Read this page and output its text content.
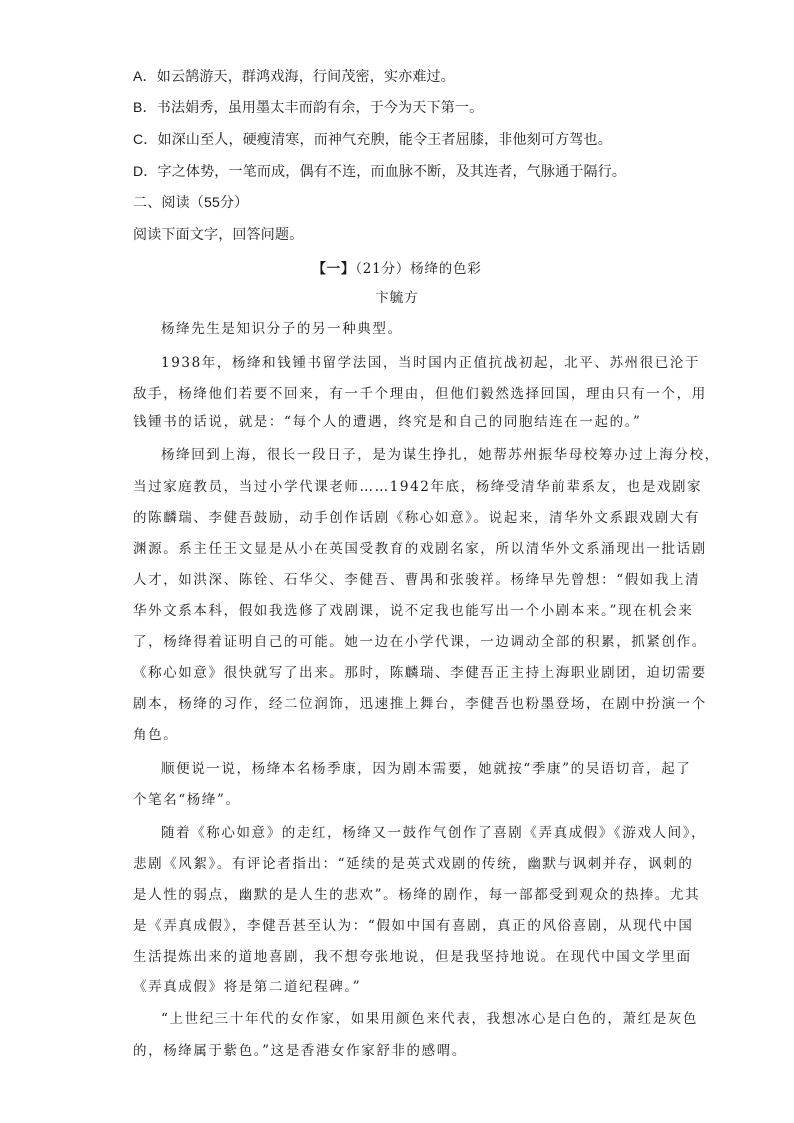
A．如云鹄游天，群鸿戏海，行间茂密，实亦难过。
B．书法娟秀，虽用墨太丰而韵有余，于今为天下第一。
C．如深山至人，硬瘦清寒，而神气充腴，能令王者屈膝，非他刻可方驾也。
D．字之体势，一笔而成，偶有不连，而血脉不断，及其连者，气脉通于隔行。
二、阅读（55分）
阅读下面文字，回答问题。
【一】（21分）杨绛的色彩
卞毓方
杨绛先生是知识分子的另一种典型。
1938年，杨绛和钱锺书留学法国，当时国内正值抗战初起，北平、苏州很已沦于
敌手，杨绛他们若要不回来，有一千个理由，但他们毅然选择回国，理由只有一个，用
钱锺书的话说，就是：“每个人的遭遇，终究是和自己的同胞结连在一起的。”
杨绛回到上海，很长一段日子，是为谋生挣扎，她帮苏州振华母校筹办过上海分校，
当过家庭教员，当过小学代课老师……1942年底，杨绛受清华前辈系友，也是戏剧家
的陈麟瑞、李健吾鼓励，动手创作话剧《称心如意》。说起来，清华外文系跟戏剧大有
渊源。系主任王文显是从小在英国受教育的戏剧名家，所以清华外文系涌现出一批话剧
人才，如洪深、陈铨、石华父、李健吾、曹禺和张骏祥。杨绛早先曾想：“假如我上清
华外文系本科，假如我选修了戏剧课，说不定我也能写出一个小剧本来。”现在机会来
了，杨绛得着证明自己的可能。她一边在小学代课，一边调动全部的积累，抓紧创作。
《称心如意》很快就写了出来。那时，陈麟瑞、李健吾正主持上海职业剧团，迫切需要
剧本，杨绛的习作，经二位润饰，迅速推上舞台，李健吾也粉墨登场，在剧中扮演一个
角色。
顺便说一说，杨绛本名杨季康，因为剧本需要，她就按“季康”的吴语切音，起了
个笔名“杨绛”。
随着《称心如意》的走红，杨绛又一鼓作气创作了喜剧《弄真成假》《游戏人间》，
悲剧《风絮》。有评论者指出：“延续的是英式戏剧的传统，幽默与讽刺并存，讽刺的
是人性的弱点，幽默的是人生的悲欢”。杨绛的剧作，每一部都受到观众的热捧。尤其
是《弄真成假》，李健吾甚至认为：“假如中国有喜剧，真正的风俗喜剧，从现代中国
生活提炼出来的道地喜剧，我不想夸张地说，但是我坚持地说。在现代中国文学里面
《弄真成假》将是第二道纪程碑。”
“上世纪三十年代的女作家，如果用颜色来代表，我想冰心是白色的，萧红是灰色
的，杨绛属于紫色。”这是香港女作家舒非的感喟。
